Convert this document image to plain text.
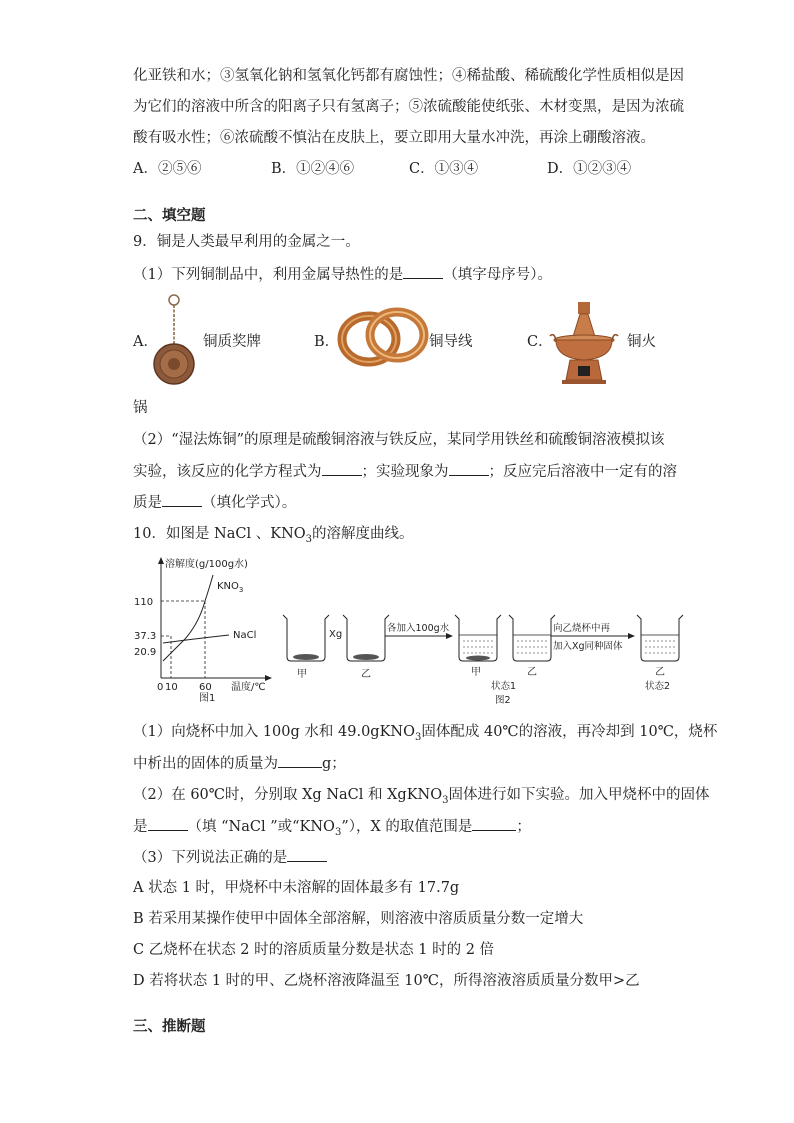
化亚铁和水；③氢氧化钠和氢氧化钙都有腐蚀性；④稀盐酸、稀硫酸化学性质相似是因
为它们的溶液中所含的阳离子只有氢离子；⑤浓硫酸能使纸张、木材变黑，是因为浓硫
酸有吸水性；⑥浓硫酸不慎沾在皮肤上，要立即用大量水冲洗，再涂上硼酸溶液。
A．②⑤⑥	B．①②④⑥	C．①③④	D．①②③④
二、填空题
9．铜是人类最早利用的金属之一。
（1）下列铜制品中，利用金属导热性的是	（填字母序号）。
A．	铜质奖牌	B．	铜导线	C．	铜火
锅
（2）“湿法炼铜”的原理是硫酸铜溶液与铁反应，某同学用铁丝和硫酸铜溶液模拟该
实验，该反应的化学方程式为	；实验现象为	；反应完后溶液中一定有的溶
质是	（填化学式）。
10．如图是 NaCl 、$KNO_3$的溶解度曲线。
溶解度(g/100g水)
110
37.3
20.9
0 10 60 温度/℃
图1
$KNO_3$
NaCl
甲
Xg
乙
各加入100g水
甲	乙
状态1
图2
向乙烧杯中再
加入Xg同种固体
乙
状态2
（1）向烧杯中加入 100g 水和 49.0gKNO$_3$固体配成 40℃的溶液，再冷却到 10℃，烧杯
中析出的固体的质量为	g；
（2）在 60℃时，分别取 Xg NaCl 和 XgKNO$_3$固体进行如下实验。加入甲烧杯中的固体
是	（填 “NaCl ”或“$KNO_3$”），X 的取值范围是	；
（3）下列说法正确的是
A 状态 1 时，甲烧杯中未溶解的固体最多有 17.7g
B 若采用某操作使甲中固体全部溶解，则溶液中溶质质量分数一定增大
C 乙烧杯在状态 2 时的溶质质量分数是状态 1 时的 2 倍
D 若将状态 1 时的甲、乙烧杯溶液降温至 10℃，所得溶液溶质质量分数甲>乙
三、推断题
